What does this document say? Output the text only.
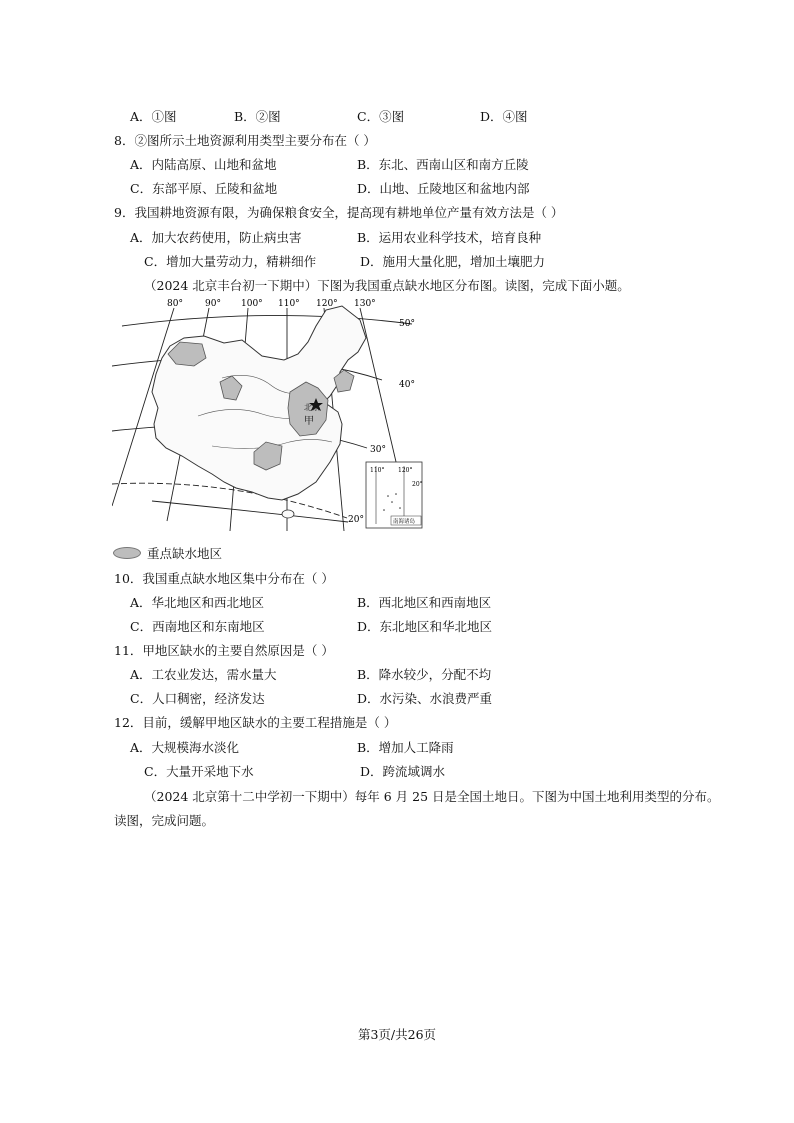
A．①图	B．②图	C．③图	D．④图
8．②图所示土地资源利用类型主要分布在（ ）
A．内陆高原、山地和盆地	B．东北、西南山区和南方丘陵
C．东部平原、丘陵和盆地	D．山地、丘陵地区和盆地内部
9．我国耕地资源有限，为确保粮食安全，提高现有耕地单位产量有效方法是（ ）
A．加大农药使用，防止病虫害	B．运用农业科学技术，培育良种
C．增加大量劳动力，精耕细作	D．施用大量化肥，增加土壤肥力
（2024 北京丰台初一下期中）下图为我国重点缺水地区分布图。读图，完成下面小题。
北京
甲
80° 90° 100° 110° 120° 130°
50°
40°
30°
20°
110° 120°
20°
南海诸岛
重点缺水地区
10．我国重点缺水地区集中分布在（ ）
A．华北地区和西北地区	B．西北地区和西南地区
C．西南地区和东南地区	D．东北地区和华北地区
11．甲地区缺水的主要自然原因是（ ）
A．工农业发达，需水量大	B．降水较少，分配不均
C．人口稠密，经济发达	D．水污染、水浪费严重
12．目前，缓解甲地区缺水的主要工程措施是（ ）
A．大规模海水淡化	B．增加人工降雨
C．大量开采地下水	D．跨流域调水
（2024 北京第十二中学初一下期中）每年 6 月 25 日是全国土地日。下图为中国土地利用类型的分布。
读图，完成问题。
第3页/共26页
